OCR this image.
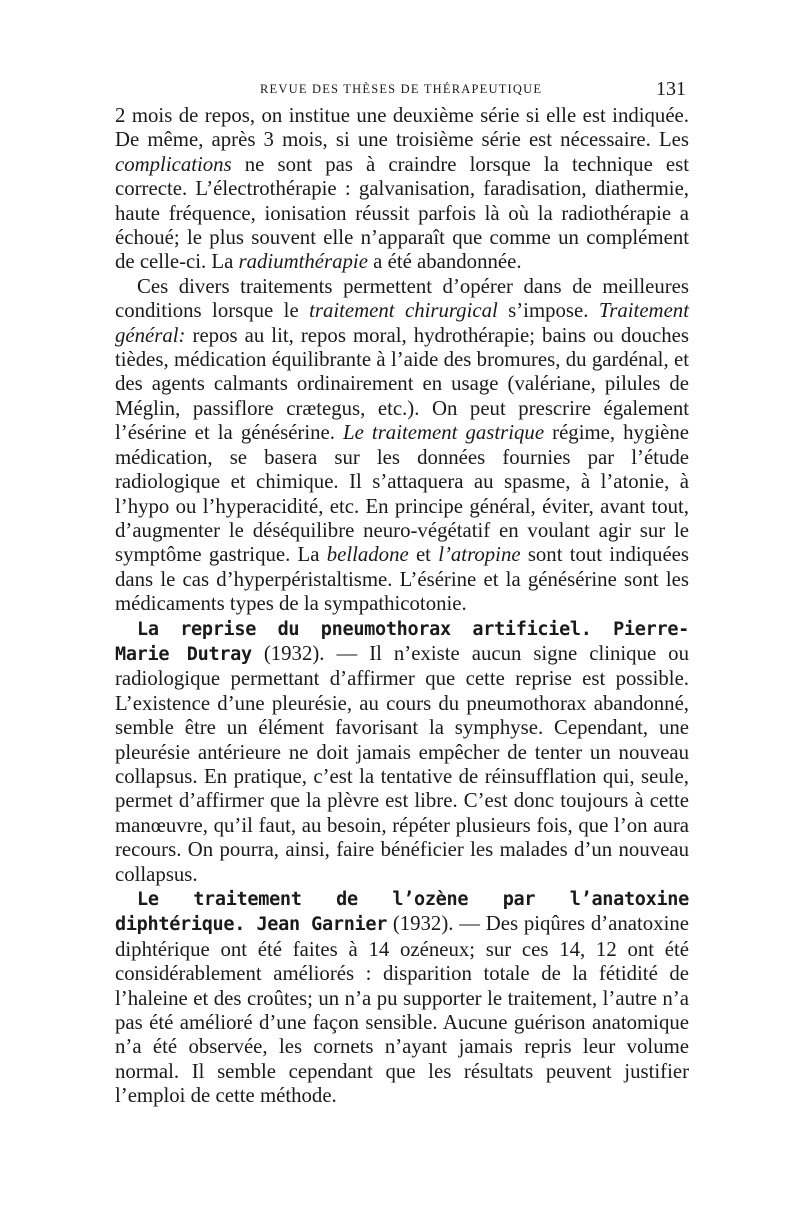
REVUE DES THÈSES DE THÉRAPEUTIQUE	131

2 mois de repos, on institue une deuxième série si elle est indiquée. De même, après 3 mois, si une troisième série est nécessaire. Les complications ne sont pas à craindre lorsque la technique est correcte. L’électrothérapie : galvanisation, faradisation, diathermie, haute fréquence, ionisation réussit parfois là où la radiothérapie a échoué; le plus souvent elle n’apparaît que comme un complément de celle-ci. La radiumthérapie a été abandonnée.

Ces divers traitements permettent d’opérer dans de meilleures conditions lorsque le traitement chirurgical s’impose. Traitement général: repos au lit, repos moral, hydrothérapie; bains ou douches tièdes, médication équilibrante à l’aide des bromures, du gardénal, et des agents calmants ordinairement en usage (valériane, pilules de Méglin, passiflore crætegus, etc.). On peut prescrire également l’ésérine et la génésérine. Le traitement gastrique régime, hygiène médication, se basera sur les données fournies par l’étude radiologique et chimique. Il s’attaquera au spasme, à l’atonie, à l’hypo ou l’hyperacidité, etc. En principe général, éviter, avant tout, d’augmenter le déséquilibre neuro-végétatif en voulant agir sur le symptôme gastrique. La belladone et l’atropine sont tout indiquées dans le cas d’hyperpéristaltisme. L’ésérine et la génésérine sont les médicaments types de la sympathicotonie.

La reprise du pneumothorax artificiel. Pierre-Marie Dutray (1932). — Il n’existe aucun signe clinique ou radiologique permettant d’affirmer que cette reprise est possible. L’existence d’une pleurésie, au cours du pneumothorax abandonné, semble être un élément favorisant la symphyse. Cependant, une pleurésie antérieure ne doit jamais empêcher de tenter un nouveau collapsus. En pratique, c’est la tentative de réinsufflation qui, seule, permet d’affirmer que la plèvre est libre. C’est donc toujours à cette manœuvre, qu’il faut, au besoin, répéter plusieurs fois, que l’on aura recours. On pourra, ainsi, faire bénéficier les malades d’un nouveau collapsus.

Le traitement de l’ozène par l’anatoxine diphtérique. Jean Garnier (1932). — Des piqûres d’anatoxine diphtérique ont été faites à 14 ozéneux; sur ces 14, 12 ont été considérablement améliorés : disparition totale de la fétidité de l’haleine et des croûtes; un n’a pu supporter le traitement, l’autre n’a pas été amélioré d’une façon sensible. Aucune guérison anatomique n’a été observée, les cornets n’ayant jamais repris leur volume normal. Il semble cependant que les résultats peuvent justifier l’emploi de cette méthode.
